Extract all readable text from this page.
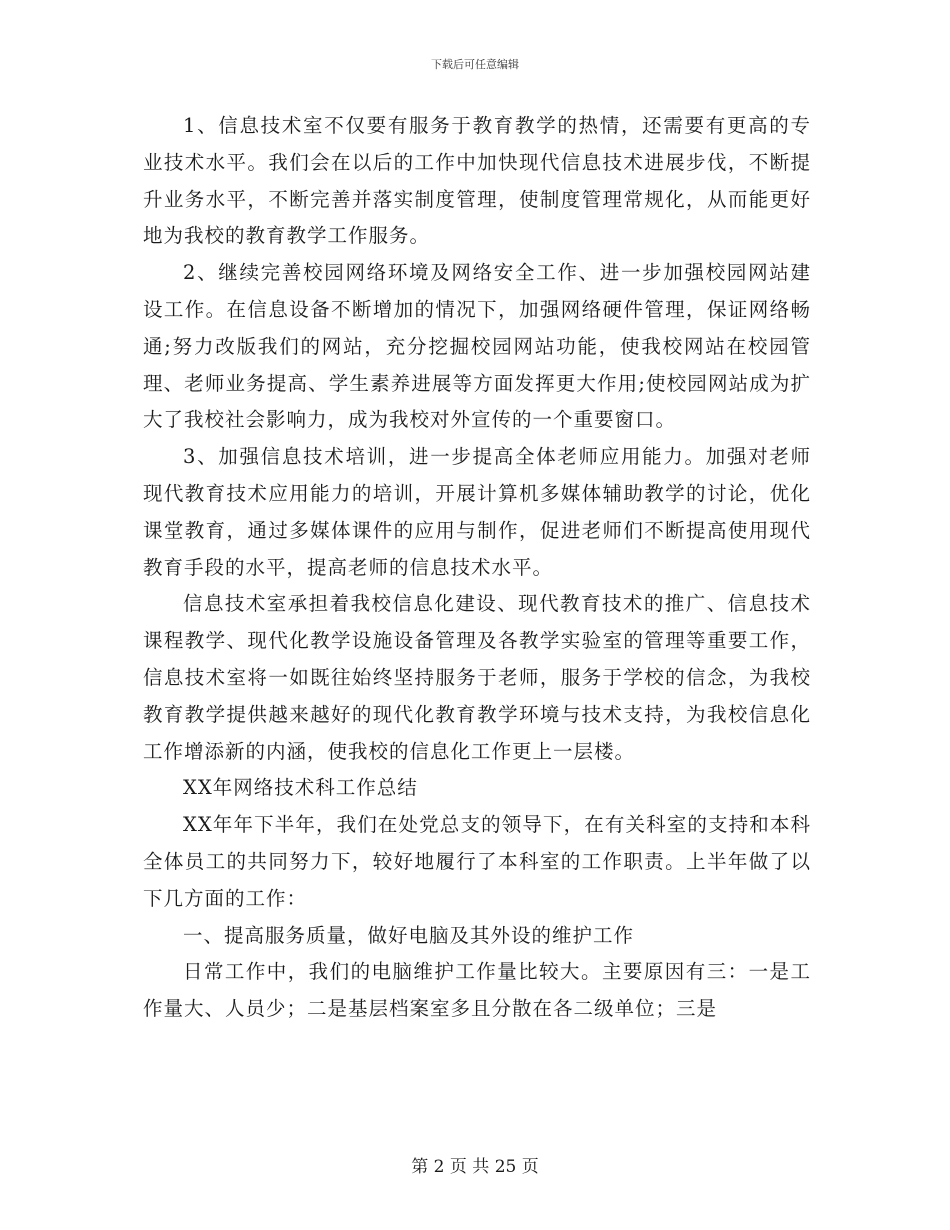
下载后可任意编辑

1、信息技术室不仅要有服务于教育教学的热情，还需要有更高的专业技术水平。我们会在以后的工作中加快现代信息技术进展步伐，不断提升业务水平，不断完善并落实制度管理，使制度管理常规化，从而能更好地为我校的教育教学工作服务。

2、继续完善校园网络环境及网络安全工作、进一步加强校园网站建设工作。在信息设备不断增加的情况下，加强网络硬件管理，保证网络畅通;努力改版我们的网站，充分挖掘校园网站功能，使我校网站在校园管理、老师业务提高、学生素养进展等方面发挥更大作用;使校园网站成为扩大了我校社会影响力，成为我校对外宣传的一个重要窗口。

3、加强信息技术培训，进一步提高全体老师应用能力。加强对老师现代教育技术应用能力的培训，开展计算机多媒体辅助教学的讨论，优化课堂教育，通过多媒体课件的应用与制作，促进老师们不断提高使用现代教育手段的水平，提高老师的信息技术水平。

信息技术室承担着我校信息化建设、现代教育技术的推广、信息技术课程教学、现代化教学设施设备管理及各教学实验室的管理等重要工作，信息技术室将一如既往始终坚持服务于老师，服务于学校的信念，为我校教育教学提供越来越好的现代化教育教学环境与技术支持，为我校信息化工作增添新的内涵，使我校的信息化工作更上一层楼。

XX年网络技术科工作总结

XX年年下半年，我们在处党总支的领导下，在有关科室的支持和本科全体员工的共同努力下，较好地履行了本科室的工作职责。上半年做了以下几方面的工作：

一、提高服务质量，做好电脑及其外设的维护工作

日常工作中，我们的电脑维护工作量比较大。主要原因有三：一是工作量大、人员少；二是基层档案室多且分散在各二级单位；三是

第 2 页 共 25 页
